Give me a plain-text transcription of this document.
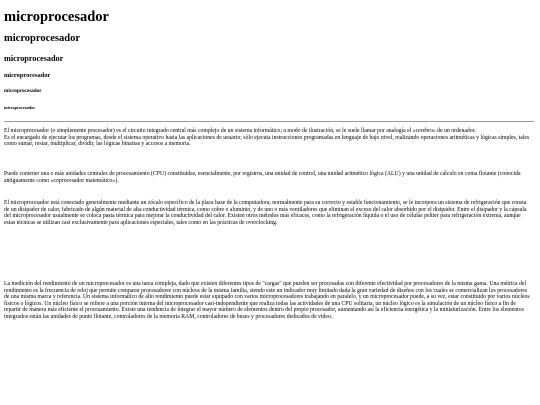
microprocesador
microprocesador
microprocesador
microprocesador
microprocesador
microprocesador

El microprocesador (o simplemente procesador) es el circuito integrado central más complejo de un sistema informático; a modo de ilustración, se le suele llamar por analogía el «cerebro» de un ordenador.
Es el encargado de ejecutar los programas, desde el sistema operativo hasta las aplicaciones de usuario; sólo ejecuta instrucciones programadas en lenguaje de bajo nivel, realizando operaciones aritméticas y lógicas simples, tales como sumar, restar, multiplicar, dividir, las lógicas binarias y accesos a memoria.

Puede contener una o más unidades centrales de procesamiento (CPU) constituidas, esencialmente, por registros, una unidad de control, una unidad aritmético lógica (ALU) y una unidad de cálculo en coma flotante (conocida antiguamente como «coprocesador matemático»).

El microprocesador está conectado generalmente mediante un zócalo específico de la placa base de la computadora; normalmente para su correcto y estable funcionamiento, se le incorpora un sistema de refrigeración que consta de un disipador de calor, fabricado de algún material de alta conductividad térmica, como cobre o aluminio, y de uno o más ventiladores que eliminan el exceso del calor absorbido por el disipador. Entre el disipador y la cápsula del microprocesador usualmente se coloca pasta térmica para mejorar la conductividad del calor. Existen otros métodos más eficaces, como la refrigeración líquida o el uso de células peltier para refrigeración extrema, aunque estas técnicas se utilizan casi exclusivamente para aplicaciones especiales, tales como en las prácticas de overclocking.

La medición del rendimiento de un microprocesador es una tarea compleja, dado que existen diferentes tipos de "cargas" que pueden ser procesadas con diferente efectividad por procesadores de la misma gama. Una métrica del rendimiento es la frecuencia de reloj que permite comparar procesadores con núcleos de la misma familia, siendo este un indicador muy limitado dada la gran variedad de diseños con los cuales se comercializan los procesadores de una misma marca y referencia. Un sistema informático de alto rendimiento puede estar equipado con varios microprocesadores trabajando en paralelo, y un microprocesador puede, a su vez, estar constituido por varios núcleos físicos o lógicos. Un núcleo físico se refiere a una porción interna del microprocesador casi-independiente que realiza todas las actividades de una CPU solitaria, un núcleo lógico es la simulación de un núcleo físico a fin de repartir de manera más eficiente el procesamiento. Existe una tendencia de integrar el mayor número de elementos dentro del propio procesador, aumentando así la eficiencia energética y la miniaturización. Entre los elementos integrados están las unidades de punto flotante, controladores de la memoria RAM, controladores de buses y procesadores dedicados de video.
